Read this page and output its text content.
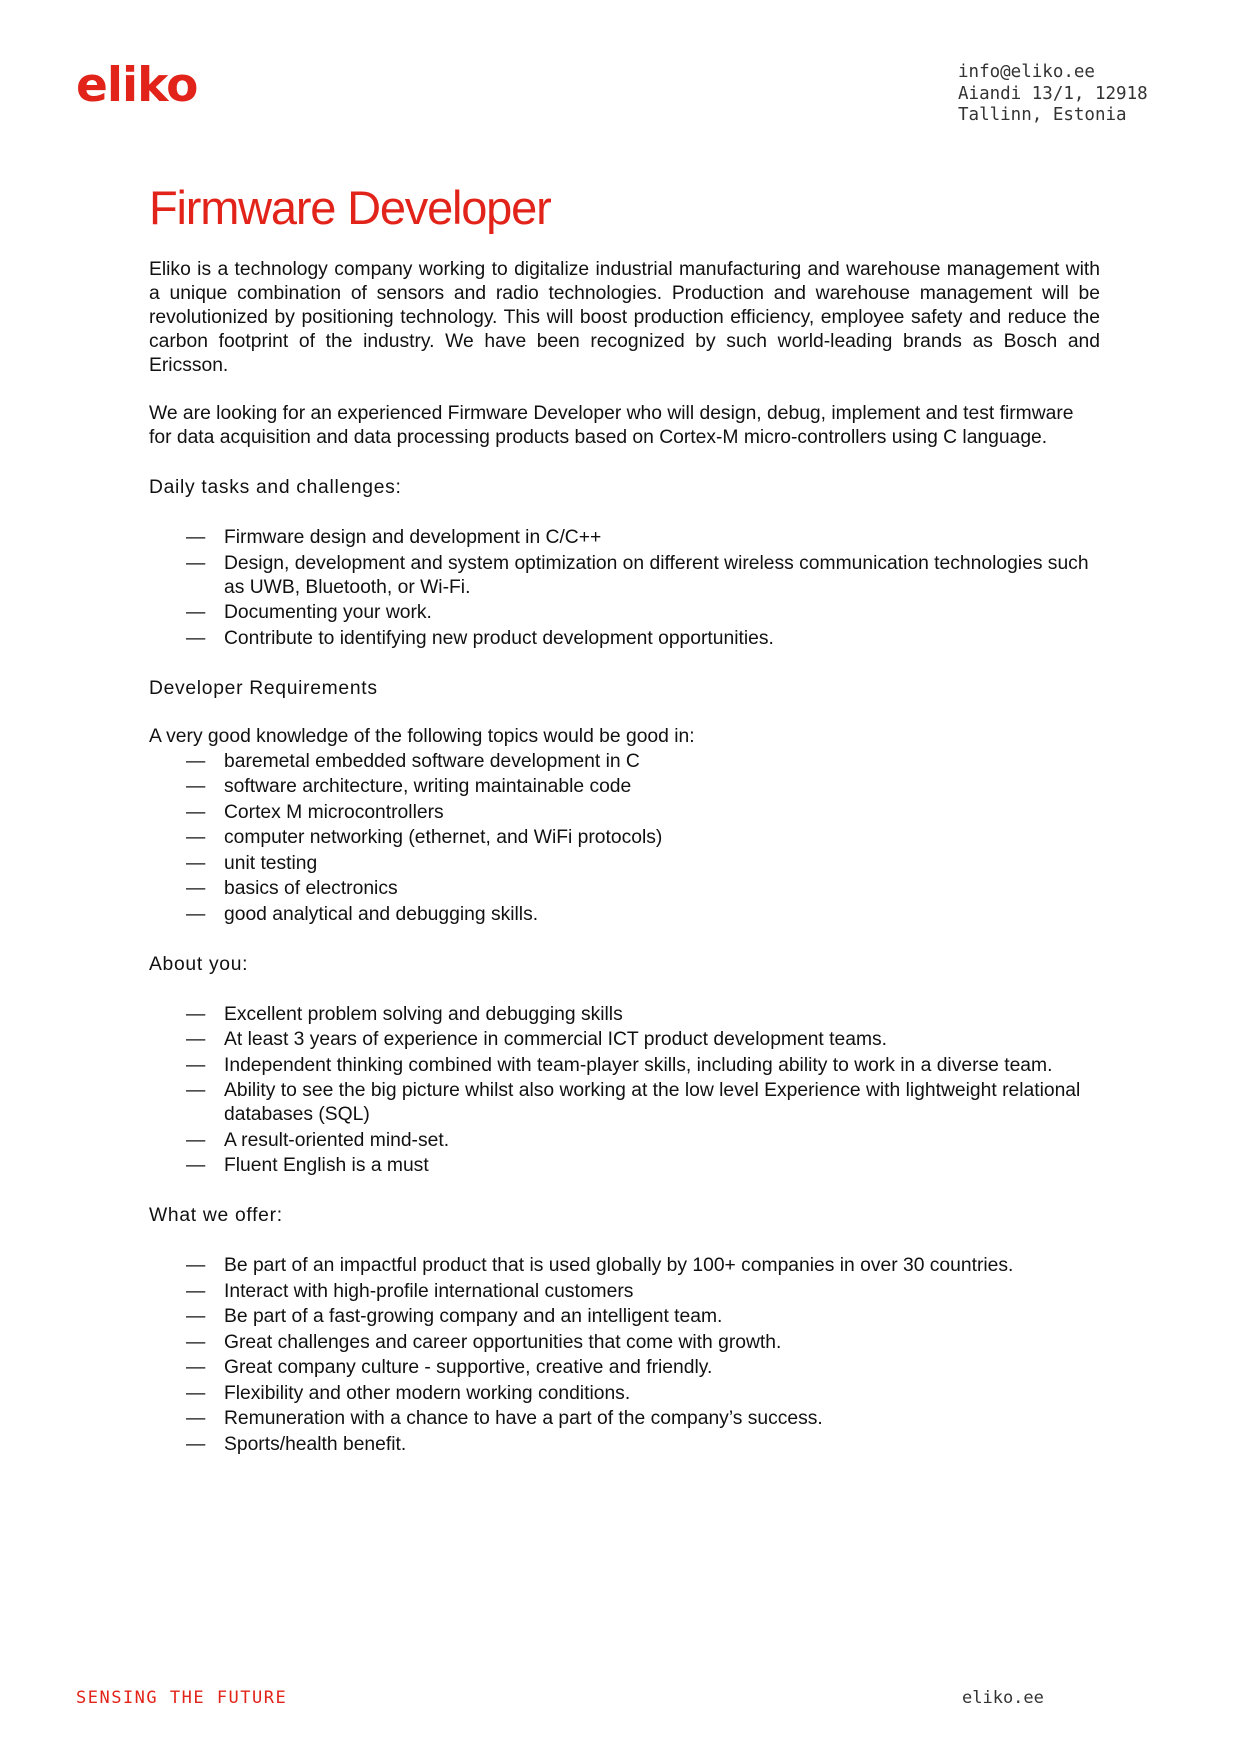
eliko	info@eliko.ee
Aiandi 13/1, 12918
Tallinn, Estonia
Firmware Developer

Eliko is a technology company working to digitalize industrial manufacturing and warehouse management with a unique combination of sensors and radio technologies. Production and warehouse management will be revolutionized by positioning technology. This will boost production efficiency, employee safety and reduce the carbon footprint of the industry. We have been recognized by such world-leading brands as Bosch and Ericsson.

We are looking for an experienced Firmware Developer who will design, debug, implement and test firmware for data acquisition and data processing products based on Cortex-M micro-controllers using C language.

Daily tasks and challenges:

— Firmware design and development in C/C++
— Design, development and system optimization on different wireless communication technologies such as UWB, Bluetooth, or Wi-Fi.
— Documenting your work.
— Contribute to identifying new product development opportunities.

Developer Requirements

A very good knowledge of the following topics would be good in:

— baremetal embedded software development in C
— software architecture, writing maintainable code
— Cortex M microcontrollers
— computer networking (ethernet, and WiFi protocols)
— unit testing
— basics of electronics
— good analytical and debugging skills.

About you:

— Excellent problem solving and debugging skills
— At least 3 years of experience in commercial ICT product development teams.
— Independent thinking combined with team-player skills, including ability to work in a diverse team.
— Ability to see the big picture whilst also working at the low level Experience with lightweight relational databases (SQL)
— A result-oriented mind-set.
— Fluent English is a must

What we offer:

— Be part of an impactful product that is used globally by 100+ companies in over 30 countries.
— Interact with high-profile international customers
— Be part of a fast-growing company and an intelligent team.
— Great challenges and career opportunities that come with growth.
— Great company culture - supportive, creative and friendly.
— Flexibility and other modern working conditions.
— Remuneration with a chance to have a part of the company’s success.
— Sports/health benefit.
SENSING THE FUTURE	eliko.ee
